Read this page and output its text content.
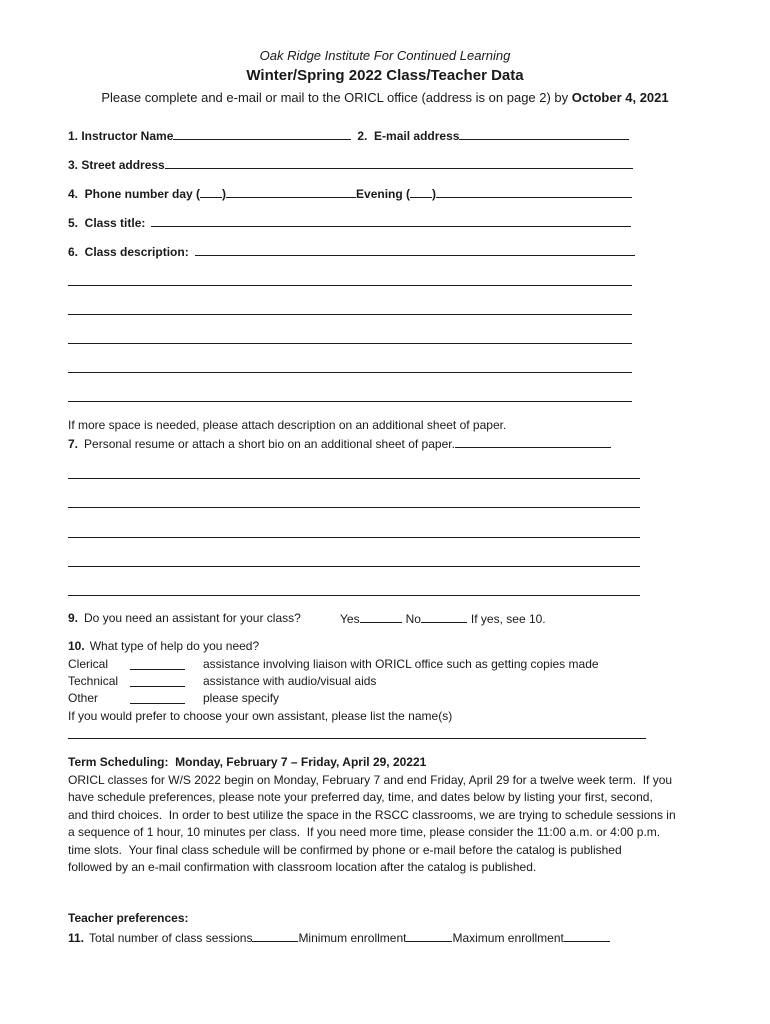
Oak Ridge Institute For Continued Learning
Winter/Spring 2022 Class/Teacher Data
Please complete and e-mail or mail to the ORICL office (address is on page 2) by October 4, 2021
1. Instructor Name	2.  E-mail address
3. Street address
4.  Phone number day ( )	Evening ( )
5.  Class title:
6.  Class description:
If more space is needed, please attach description on an additional sheet of paper.
7. Personal resume or attach a short bio on an additional sheet of paper.
9. Do you need an assistant for your class?	Yes	No	If yes, see 10.
10. What type of help do you need?
Clerical	assistance involving liaison with ORICL office such as getting copies made
Technical	assistance with audio/visual aids
Other	please specify
If you would prefer to choose your own assistant, please list the name(s)
Term Scheduling:  Monday, February 7 – Friday, April 29, 20221
ORICL classes for W/S 2022 begin on Monday, February 7 and end Friday, April 29 for a twelve week term.  If you
have schedule preferences, please note your preferred day, time, and dates below by listing your first, second,
and third choices.  In order to best utilize the space in the RSCC classrooms, we are trying to schedule sessions in
a sequence of 1 hour, 10 minutes per class.  If you need more time, please consider the 11:00 a.m. or 4:00 p.m.
time slots.  Your final class schedule will be confirmed by phone or e-mail before the catalog is published
followed by an e-mail confirmation with classroom location after the catalog is published.
Teacher preferences:
11. Total number of class sessions	Minimum enrollment	Maximum enrollment
